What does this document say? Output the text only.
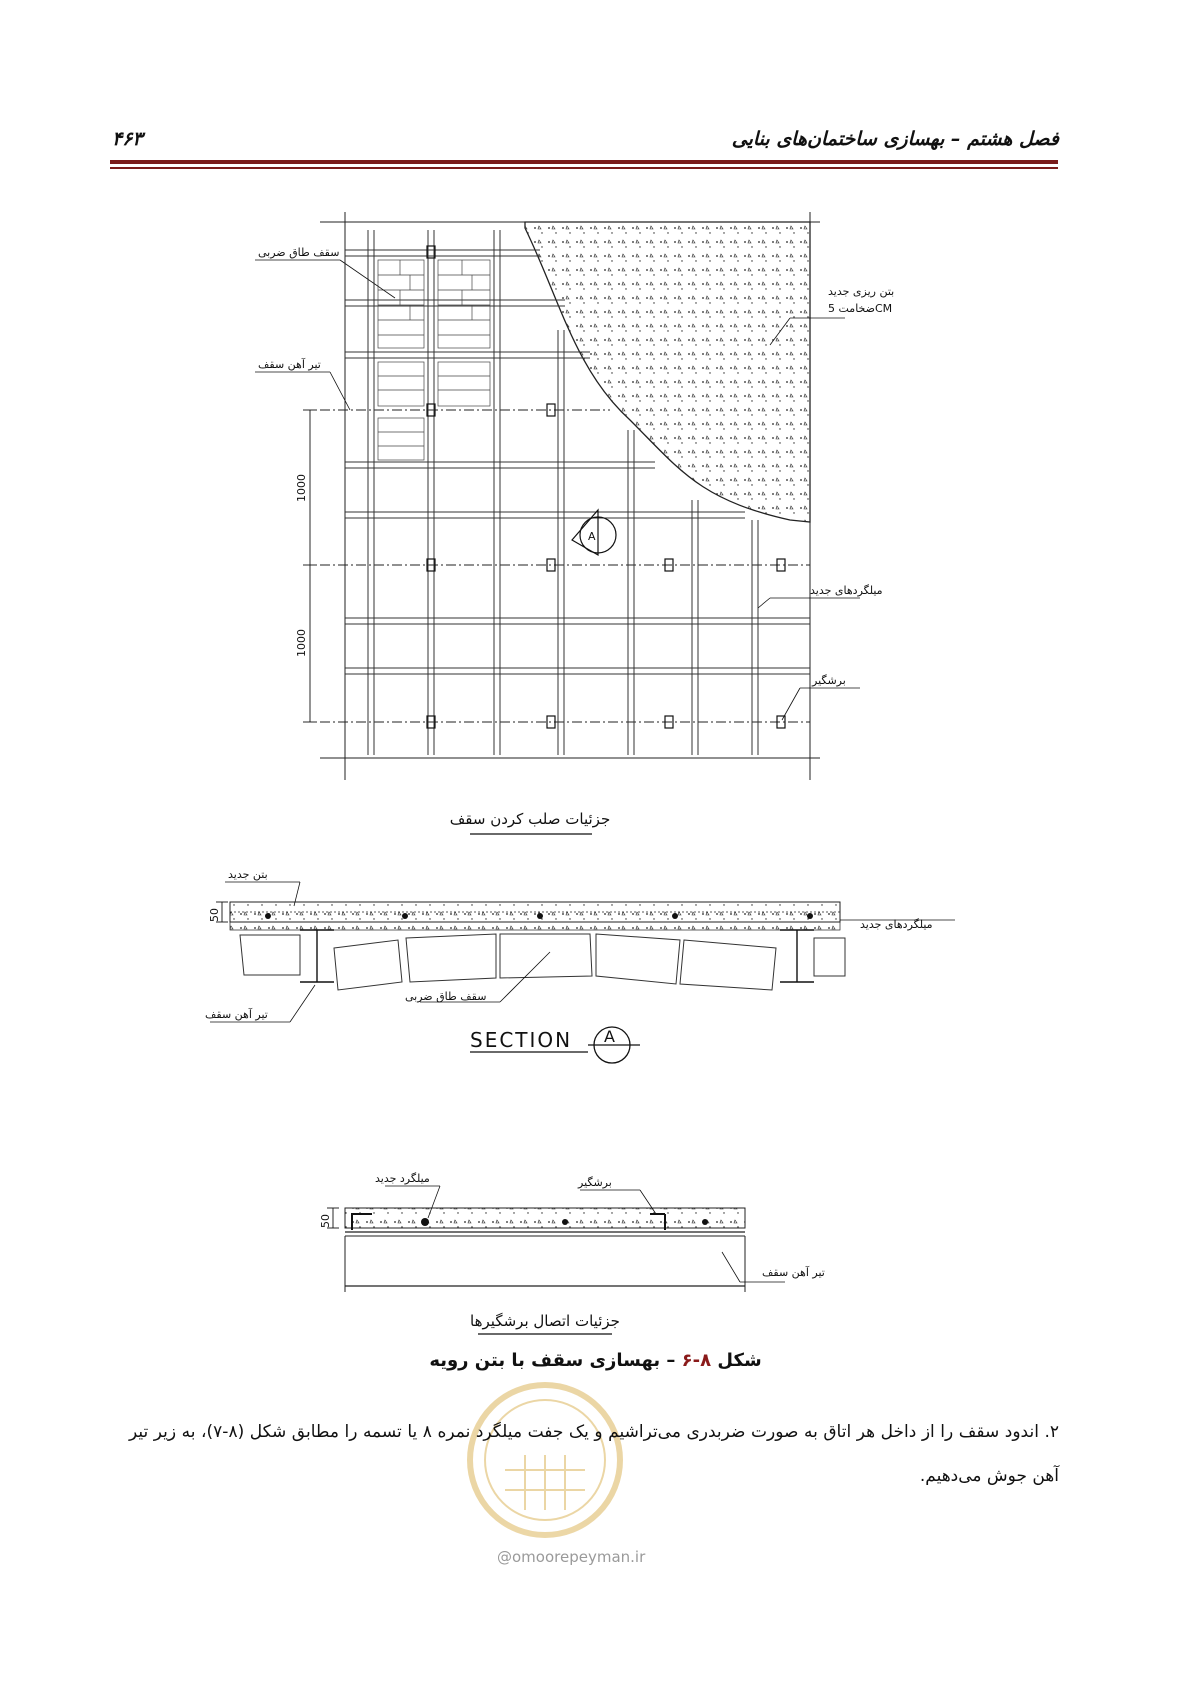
فصل هشتم – بهسازی ساختمان‌های بنایی
۴۶۳
A
1000
1000
سقف طاق ضربی
تیر آهن سقف
بتن ریزی جدید
ضخامت 5CM
میلگردهای جدید
برشگیر
جزئیات صلب کردن سقف
50
بتن جدید
میلگردهای جدید
سقف طاق ضربی
تیر آهن سقف
SECTION A
50
میلگرد جدید	برشگیر
تیر آهن سقف
جزئیات اتصال برشگیرها
شکل ۸-۶ – بهسازی سقف با بتن رویه
۲. اندود سقف را از داخل هر اتاق به صورت ضربدری می‌تراشیم و یک جفت میلگرد نمره ۸ یا تسمه را مطابق شکل (۸-۷)، به زیر تیر آهن جوش می‌دهیم.
@omoorepeyman.ir
